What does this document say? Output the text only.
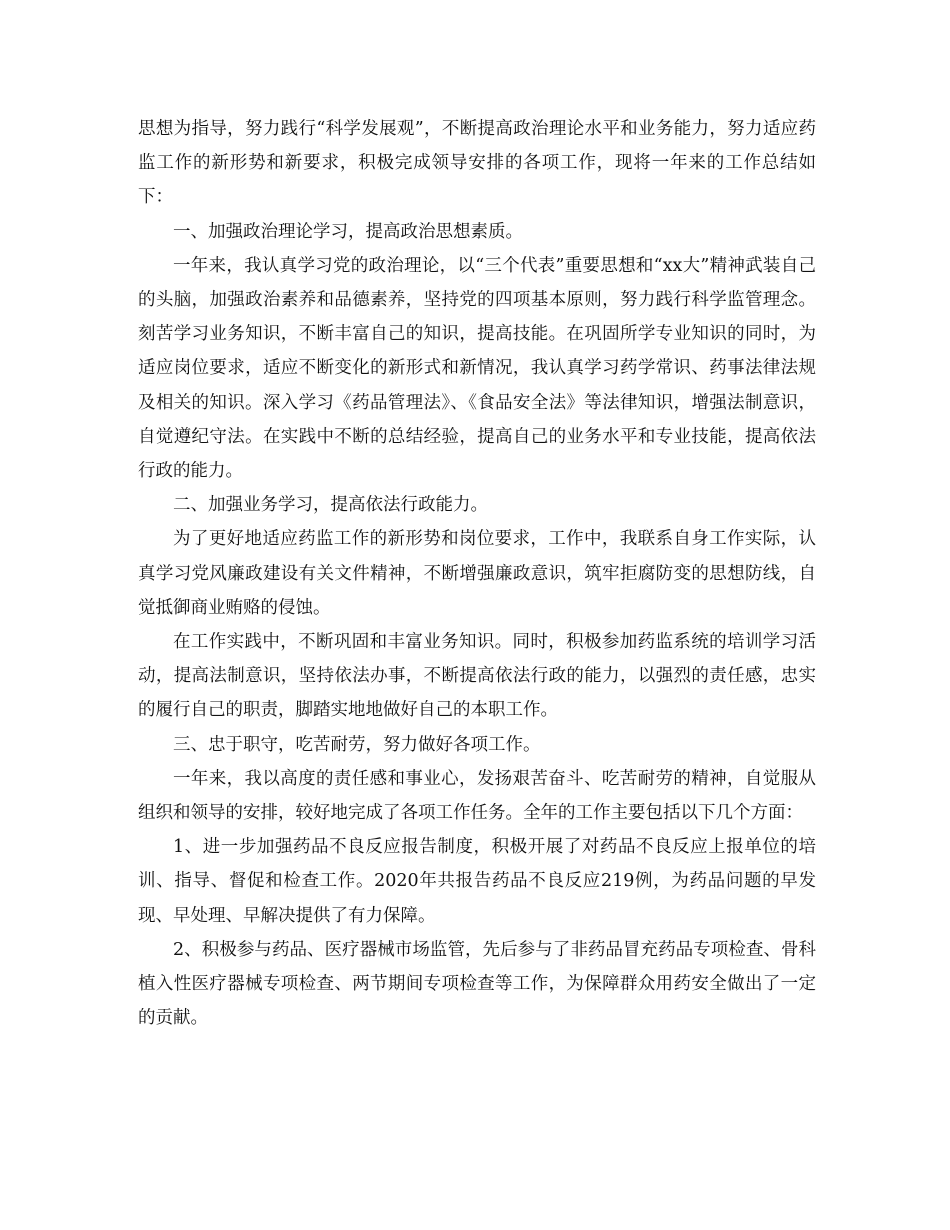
思想为指导，努力践行“科学发展观”，不断提高政治理论水平和业务能力，努力适应药监工作的新形势和新要求，积极完成领导安排的各项工作，现将一年来的工作总结如下：

一、加强政治理论学习，提高政治思想素质。

一年来，我认真学习党的政治理论，以“三个代表”重要思想和“xx大”精神武装自己的头脑，加强政治素养和品德素养，坚持党的四项基本原则，努力践行科学监管理念。刻苦学习业务知识，不断丰富自己的知识，提高技能。在巩固所学专业知识的同时，为适应岗位要求，适应不断变化的新形式和新情况，我认真学习药学常识、药事法律法规及相关的知识。深入学习《药品管理法》、《食品安全法》等法律知识，增强法制意识，自觉遵纪守法。在实践中不断的总结经验，提高自己的业务水平和专业技能，提高依法行政的能力。

二、加强业务学习，提高依法行政能力。

为了更好地适应药监工作的新形势和岗位要求，工作中，我联系自身工作实际，认真学习党风廉政建设有关文件精神，不断增强廉政意识，筑牢拒腐防变的思想防线，自觉抵御商业贿赂的侵蚀。

在工作实践中，不断巩固和丰富业务知识。同时，积极参加药监系统的培训学习活动，提高法制意识，坚持依法办事，不断提高依法行政的能力，以强烈的责任感，忠实的履行自己的职责，脚踏实地地做好自己的本职工作。

三、忠于职守，吃苦耐劳，努力做好各项工作。

一年来，我以高度的责任感和事业心，发扬艰苦奋斗、吃苦耐劳的精神，自觉服从组织和领导的安排，较好地完成了各项工作任务。全年的工作主要包括以下几个方面：

1、进一步加强药品不良反应报告制度，积极开展了对药品不良反应上报单位的培训、指导、督促和检查工作。2020年共报告药品不良反应219例，为药品问题的早发现、早处理、早解决提供了有力保障。

2、积极参与药品、医疗器械市场监管，先后参与了非药品冒充药品专项检查、骨科植入性医疗器械专项检查、两节期间专项检查等工作，为保障群众用药安全做出了一定的贡献。
